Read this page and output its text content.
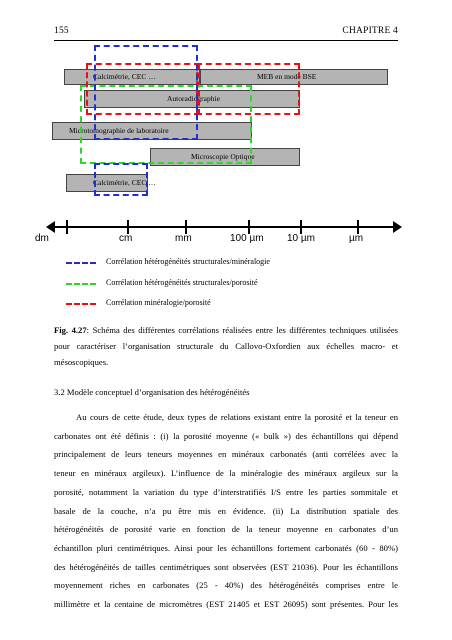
155	CHAPITRE 4
Calcimétrie, CEC …	MEB en mode BSE
Autoradiographie
Microtomographie de laboratoire
Microscopie Optique
Calcimétrie, CEC …
dm	cm	mm	100 µm 10 µm	µm
Corrélation hétérogénéités structurales/minéralogie
Corrélation hétérogénéités structurales/porosité
Corrélation minéralogie/porosité
Fig. 4.27: Schéma des différentes corrélations réalisées entre les différentes techniques utilisées pour caractériser l’organisation structurale du Callovo-Oxfordien aux échelles macro- et mésoscopiques.
3.2 Modèle conceptuel d’organisation des hétérogénéités
Au cours de cette étude, deux types de relations existant entre la porosité et la teneur en
carbonates ont été définis : (i) la porosité moyenne (« bulk ») des échantillons qui dépend
principalement de leurs teneurs moyennes en minéraux carbonatés (anti corrélées avec la
teneur en minéraux argileux). L’influence de la minéralogie des minéraux argileux sur la
porosité, notamment la variation du type d’interstratifiés I/S entre les parties sommitale et
basale de la couche, n’a pu être mis en évidence. (ii) La distribution spatiale des
hétérogénéités de porosité varie en fonction de la teneur moyenne en carbonates d’un
échantillon pluri centimétriques. Ainsi pour les échantillons fortement carbonatés (60 - 80%)
des hétérogénéités de tailles centimétriques sont observées (EST 21036). Pour les échantillons
moyennement riches en carbonates (25 - 40%) des hétérogénéités comprises entre le
millimètre et la centaine de micromètres (EST 21405 et EST 26095) sont présentes. Pour les
